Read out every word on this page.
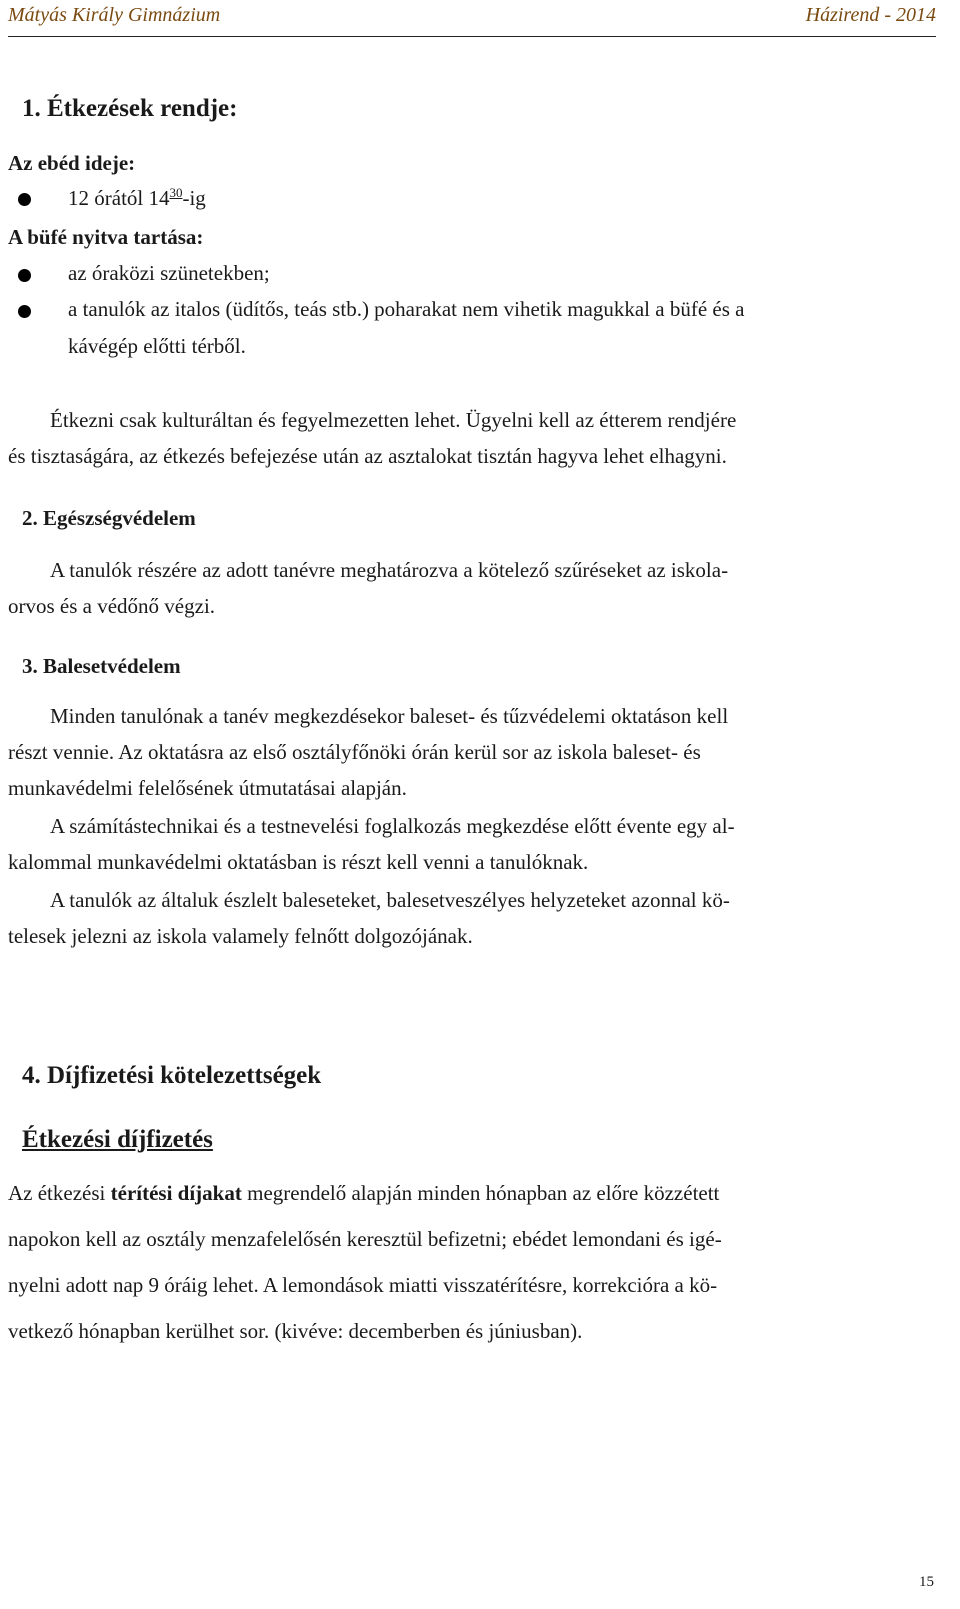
Mátyás Király Gimnázium	Házirend - 2014
1. Étkezések rendje:
Az ebéd ideje:
12 órától $14^{30}-ig$
A büfé nyitva tartása:
az óraközi szünetekben;
a tanulók az italos (üdítős, teás stb.) poharakat nem vihetik magukkal a büfé és a
kávégép előtti térből.
Étkezni csak kulturáltan és fegyelmezetten lehet. Ügyelni kell az étterem rendjére
és tisztaságára, az étkezés befejezése után az asztalokat tisztán hagyva lehet elhagyni.
2. Egészségvédelem
A tanulók részére az adott tanévre meghatározva a kötelező szűréseket az iskola-
orvos és a védőnő végzi.
3. Balesetvédelem
Minden tanulónak a tanév megkezdésekor baleset- és tűzvédelemi oktatáson kell
részt vennie. Az oktatásra az első osztályfőnöki órán kerül sor az iskola baleset- és
munkavédelmi felelősének útmutatásai alapján.
A számítástechnikai és a testnevelési foglalkozás megkezdése előtt évente egy al-
kalommal munkavédelmi oktatásban is részt kell venni a tanulóknak.
A tanulók az általuk észlelt baleseteket, balesetveszélyes helyzeteket azonnal kö-
telesek jelezni az iskola valamely felnőtt dolgozójának.
4. Díjfizetési kötelezettségek
Étkezési díjfizetés
Az étkezési térítési díjakat megrendelő alapján minden hónapban az előre közzétett
napokon kell az osztály menzafelelősén keresztül befizetni; ebédet lemondani és igé-
nyelni adott nap 9 óráig lehet. A lemondások miatti visszatérítésre, korrekcióra a kö-
vetkező hónapban kerülhet sor. (kivéve: decemberben és júniusban).
15
